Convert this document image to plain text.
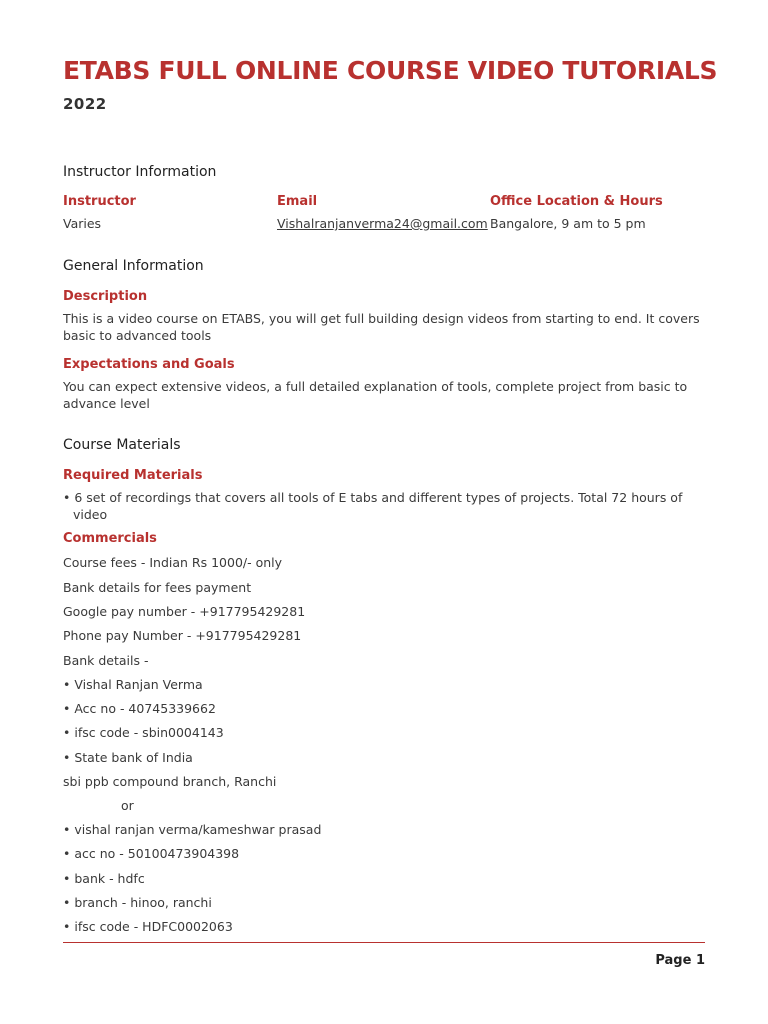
ETABS FULL ONLINE COURSE VIDEO TUTORIALS
2022
Instructor Information
Instructor
Varies
Email
Vishalranjanverma24@gmail.com
Office Location & Hours
Bangalore, 9 am to 5 pm
General Information
Description
This is a video course on ETABS, you will get full building design videos from starting to end. It covers basic to advanced tools
Expectations and Goals
You can expect extensive videos, a full detailed explanation of tools, complete project from basic to advance level
Course Materials
Required Materials
• 6 set of recordings that covers all tools of E tabs and different types of projects. Total 72 hours of video
Commercials
Course fees - Indian Rs 1000/- only
Bank details for fees payment
Google pay number - +917795429281
Phone pay Number - +917795429281
Bank details -
• Vishal Ranjan Verma
• Acc no - 40745339662
• ifsc code - sbin0004143
• State bank of India
sbi ppb compound branch, Ranchi
or
• vishal ranjan verma/kameshwar prasad
• acc no - 50100473904398
• bank - hdfc
• branch - hinoo, ranchi
• ifsc code - HDFC0002063
Page 1
